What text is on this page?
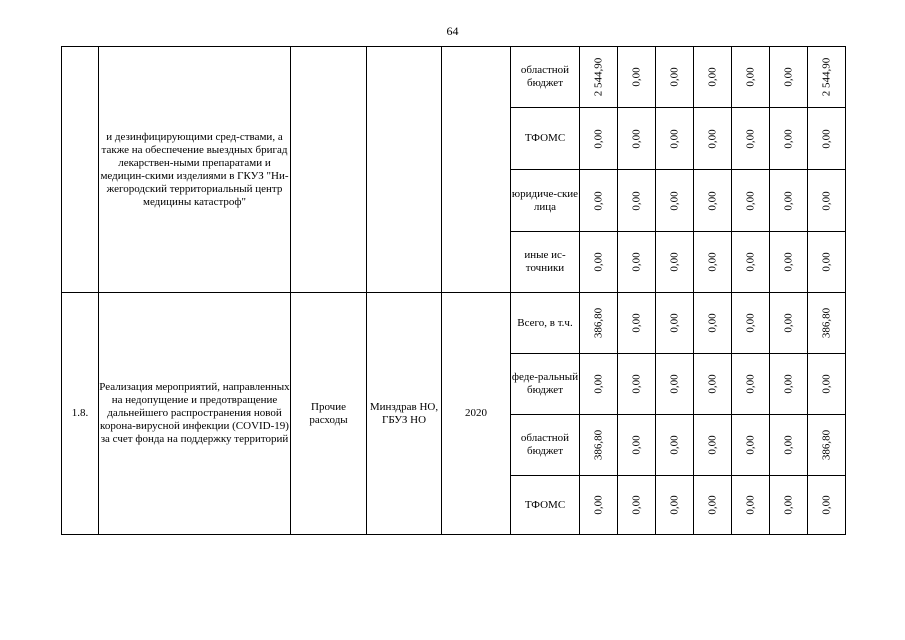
64
	и дезинфицирующими сред-ствами, а также на обеспечение выездных бригад лекарствен-ными препаратами и медицин-скими изделиями в ГКУЗ "Ни-жегородский территориальный центр медицины катастроф"				областной бюджет	2 544,90	0,00	0,00	0,00	0,00	0,00	2 544,90

					ТФОМС	0,00	0,00	0,00	0,00	0,00	0,00	0,00

					юридиче-ские лица	0,00	0,00	0,00	0,00	0,00	0,00	0,00

					иные ис-точники	0,00	0,00	0,00	0,00	0,00	0,00	0,00

1.8.	Реализация мероприятий, направленных на недопущение и предотвращение дальнейшего распространения новой корона-вирусной инфекции (COVID-19) за счет фонда на поддержку территорий	Прочие расходы	Минздрав НО, ГБУЗ НО	2020	Всего, в т.ч.	386,80	0,00	0,00	0,00	0,00	0,00	386,80

					феде-ральный бюджет	0,00	0,00	0,00	0,00	0,00	0,00	0,00

					областной бюджет	386,80	0,00	0,00	0,00	0,00	0,00	386,80

					ТФОМС	0,00	0,00	0,00	0,00	0,00	0,00	0,00
